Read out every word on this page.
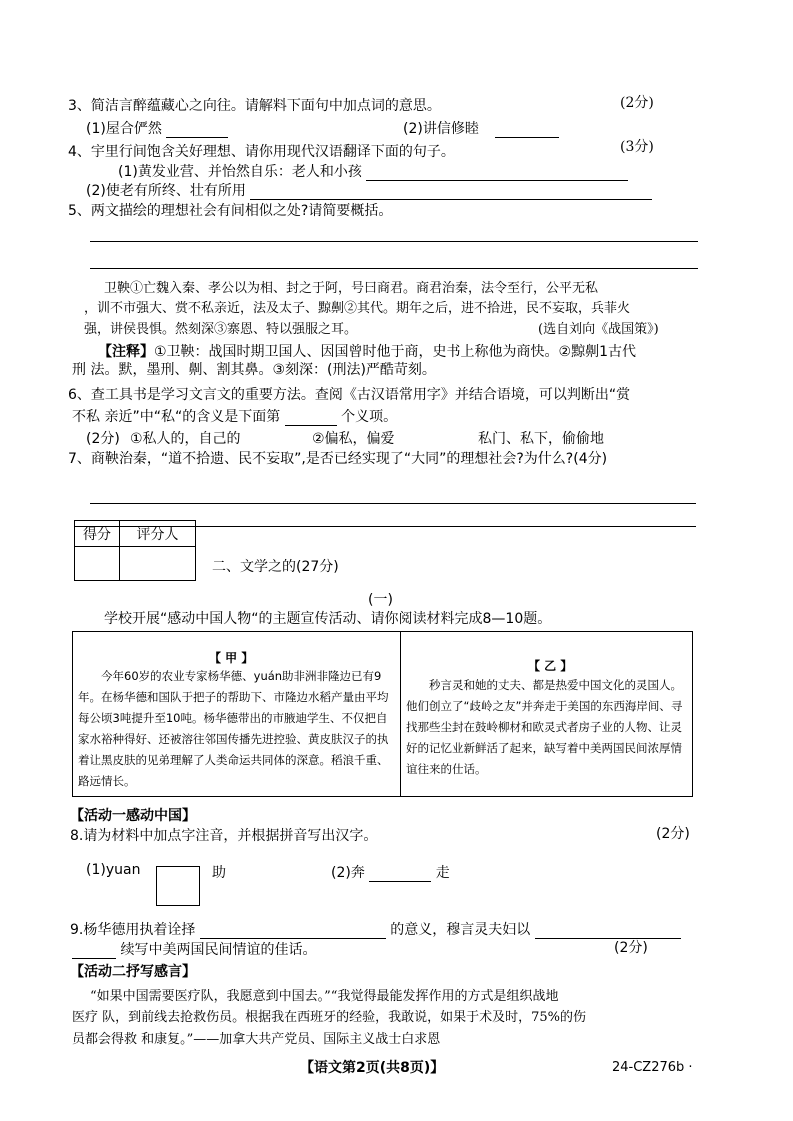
3、简洁言醉蕴藏心之向往。请解料下面句中加点词的意思。	(2分)
(1)屋合俨然	(2)讲信修睦
4、宇里行间饱含关好理想、请你用现代汉语翻译下面的句子。	(3分)
(1)黄发业营、并怡然自乐：老人和小孩
(2)使老有所终、壮有所用
5、两文描绘的理想社会有间相似之处?请简要概括。
卫鞅①亡魏入秦、孝公以为相、封之于阿，号曰商君。商君治秦，法令至行，公平无私
，训不市强大、赏不私亲近，法及太子、黥劓②其代。期年之后，进不拾进，民不妄取，兵菲火
强，讲侯畏惧。然刻深③寨恩、特以强服之耳。	(选自刘向《战国策》)
【注释】①卫鞅：战国时期卫国人、因国曾时他于商，史书上称他为商快。②黥劓1古代
刑 法。默，墨刑、劓、割其鼻。③刻深：(刑法)严酷苛刻。
6、查工具书是学习文言文的重要方法。查阅《古汉语常用字》并结合语境，可以判断出“赏
不私 亲近”中“私“的含义是下面第	个义项。
(2分) ①私人的，自己的	②偏私，偏爱	私门、私下，偷偷地
7、商鞅治秦，“道不拾遗、民不妄取”,是否已经实现了“大同”的理想社会?为什么?(4分)
得分	评分人

二、文学之的(27分)
(一)
学校开展“感动中国人物“的主题宣传活动、请你阅读材料完成8—10题。
【 甲 】
今年60岁的农业专家杨华德、yuán助非洲非隆边已有9年。在杨华德和国队于把子的帮助下、市隆边水稻产量由平均每公顷3吨提升至10吨。杨华德带出的市腋迪学生、不仅把自家水裕种得好、还被溶往邻国传播先进控验、黄皮肤汉子的执着让黑皮肤的见弟理解了人类命运共同体的深意。稻浪千重、路远情长。
【 乙 】
秒言灵和她的丈夫、都是热爱中国文化的灵国人。他们创立了“歧岭之友”并奔走于美国的东西海岸间、寻找那些尘封在鼓岭柳材和欧灵式者房子业的人物、让灵好的记忆业新鲜活了起来，缺写着中美两国民间浓厚情谊往来的仕话。
【活动一感动中国】
8.请为材料中加点字注音，并根据拼音写出汉字。	(2分)
(1)yuan	助	(2)奔	走
9.杨华德用执着诠择	的意义，穆言灵夫妇以
续写中美两国民间情谊的佳话。	(2分)
【活动二抒写感言】
“如果中国需要医疗队，我愿意到中国去。”“我觉得最能发挥作用的方式是组织战地
医疗 队，到前线去抢救伤员。根据我在西班牙的经验，我敢说，如果于术及时，75%的伤
员都会得救 和康复。”——加拿大共产党员、国际主义战士白求恩
【语文第2页(共8页)】	24-CZ276b ·
